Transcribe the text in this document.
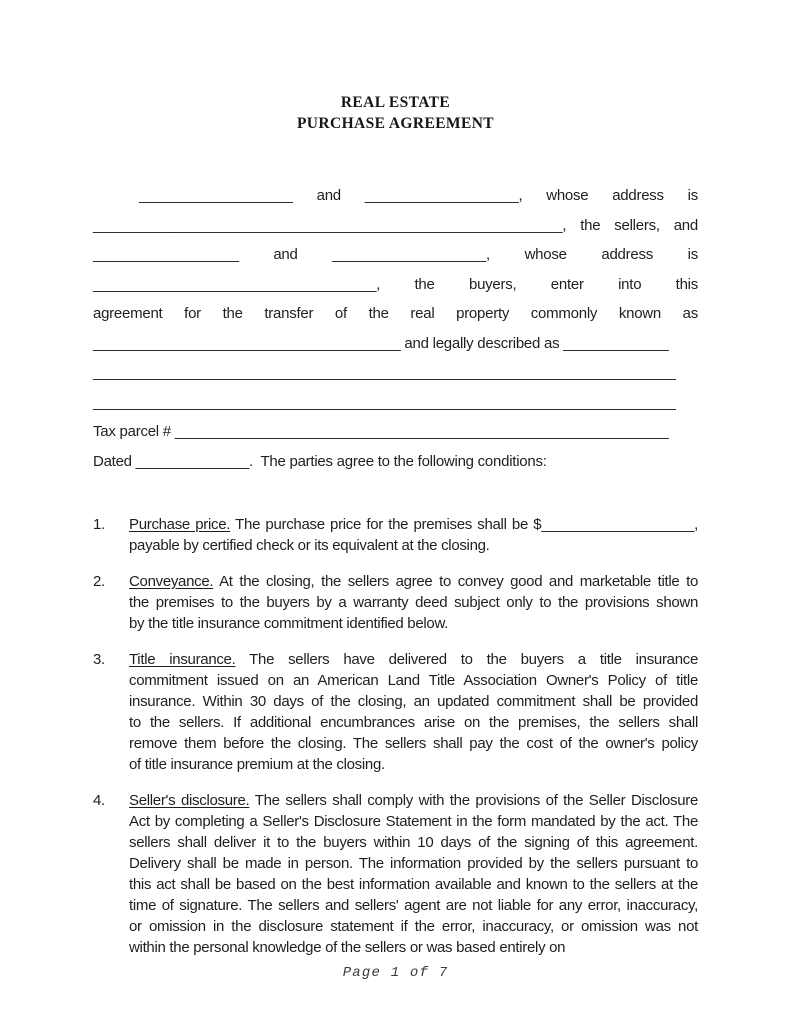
REAL ESTATE
PURCHASE AGREEMENT
___________________ and ___________________, whose address is
__________________________________________________________, the sellers, and
__________________ and ___________________, whose address is
___________________________________, the buyers, enter into this
agreement for the transfer of the real property commonly known as
______________________________________ and legally described as _____________
________________________________________________________________________
________________________________________________________________________
Tax parcel # _____________________________________________________________
Dated ______________.  The parties agree to the following conditions:
1.	Purchase price. The purchase price for the premises shall be $___________________,
payable by certified check or its equivalent at the closing.
2.	Conveyance. At the closing, the sellers agree to convey good and marketable title to
the premises to the buyers by a warranty deed subject only to the provisions shown
by the title insurance commitment identified below.
3.	Title insurance. The sellers have delivered to the buyers a title insurance
commitment issued on an American Land Title Association Owner's Policy of title
insurance. Within 30 days of the closing, an updated commitment shall be provided
to the sellers. If additional encumbrances arise on the premises, the sellers shall
remove them before the closing. The sellers shall pay the cost of the owner's policy
of title insurance premium at the closing.
4.	Seller's disclosure. The sellers shall comply with the provisions of the Seller Disclosure
Act by completing a Seller's Disclosure Statement in the form mandated by the act. The
sellers shall deliver it to the buyers within 10 days of the signing of this agreement.
Delivery shall be made in person. The information provided by the sellers pursuant to
this act shall be based on the best information available and known to the sellers at the
time of signature. The sellers and sellers' agent are not liable for any error, inaccuracy,
or omission in the disclosure statement if the error, inaccuracy, or omission was not
within the personal knowledge of the sellers or was based entirely on
Page 1 of 7
